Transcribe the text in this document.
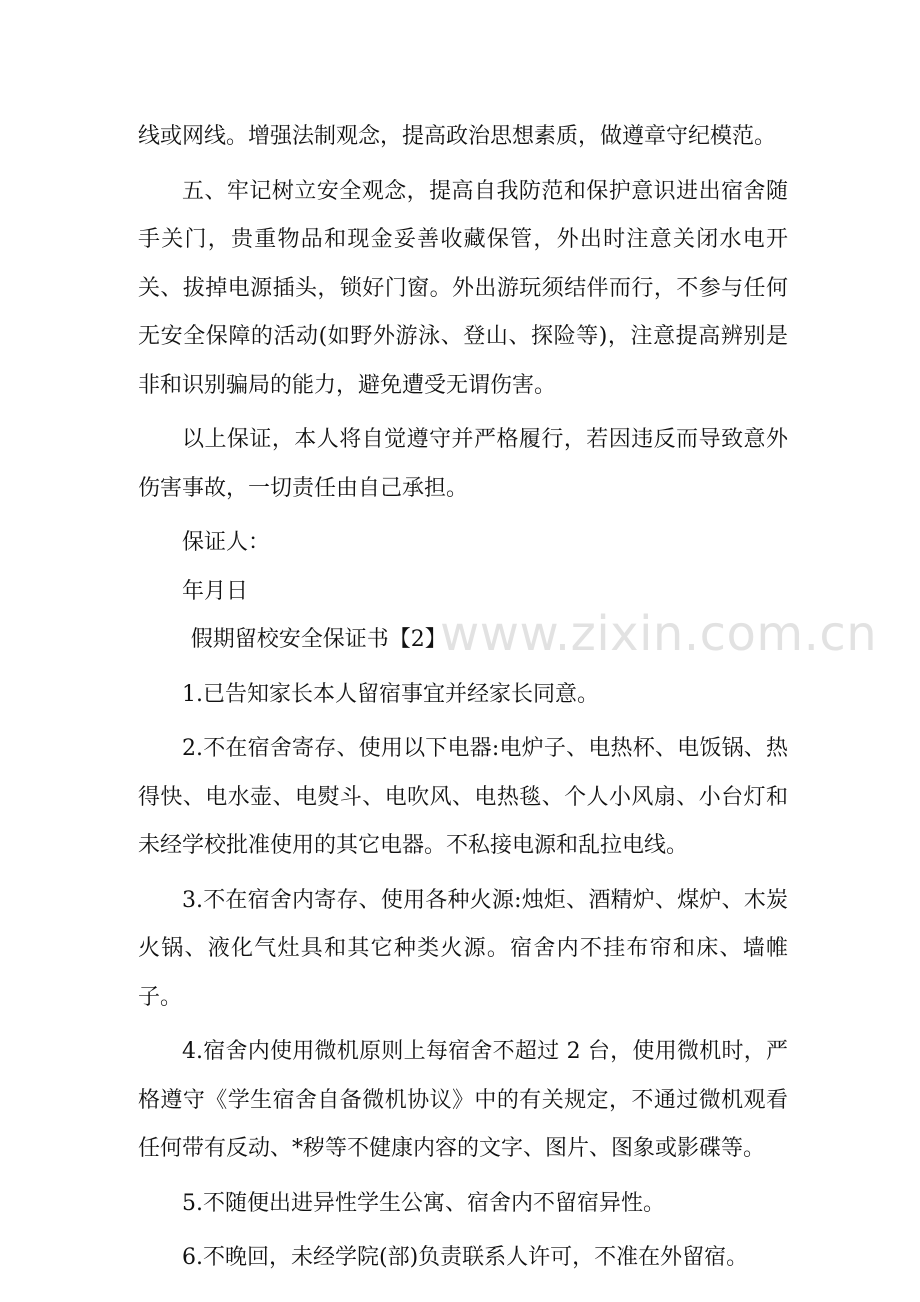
线或网线。增强法制观念，提高政治思想素质，做遵章守纪模范。

五、牢记树立安全观念，提高自我防范和保护意识进出宿舍随手关门，贵重物品和现金妥善收藏保管，外出时注意关闭水电开关、拔掉电源插头，锁好门窗。外出游玩须结伴而行，不参与任何无安全保障的活动(如野外游泳、登山、探险等)，注意提高辨别是非和识别骗局的能力，避免遭受无谓伤害。

以上保证，本人将自觉遵守并严格履行，若因违反而导致意外伤害事故，一切责任由自己承担。

保证人：

年月日

假期留校安全保证书【2】

1.已告知家长本人留宿事宜并经家长同意。

2.不在宿舍寄存、使用以下电器:电炉子、电热杯、电饭锅、热得快、电水壶、电熨斗、电吹风、电热毯、个人小风扇、小台灯和未经学校批准使用的其它电器。不私接电源和乱拉电线。

3.不在宿舍内寄存、使用各种火源:烛炬、酒精炉、煤炉、木炭火锅、液化气灶具和其它种类火源。宿舍内不挂布帘和床、墙帷子。

4.宿舍内使用微机原则上每宿舍不超过 2 台，使用微机时，严格遵守《学生宿舍自备微机协议》中的有关规定，不通过微机观看任何带有反动、*秽等不健康内容的文字、图片、图象或影碟等。

5.不随便出进异性学生公寓、宿舍内不留宿异性。

6.不晚回，未经学院(部)负责联系人许可，不准在外留宿。

www.zixin.com.cn
